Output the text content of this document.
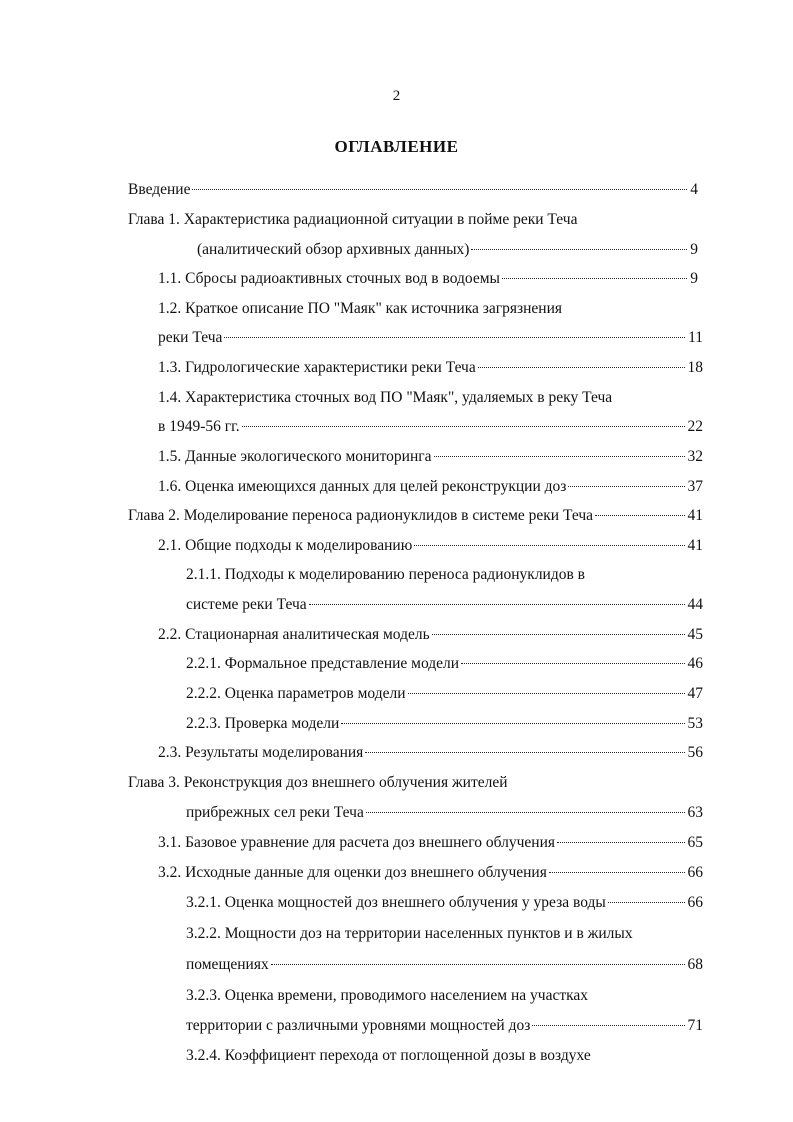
2
ОГЛАВЛЕНИЕ
Введение	4
Глава 1. Характеристика радиационной ситуации в пойме реки Теча
(аналитический обзор архивных данных)	9
1.1. Сбросы радиоактивных сточных вод в водоемы	9
1.2. Краткое описание ПО "Маяк" как источника загрязнения
реки Теча	11
1.3. Гидрологические характеристики реки Теча	18
1.4. Характеристика сточных вод ПО "Маяк", удаляемых в реку Теча
в 1949-56 гг.	22
1.5. Данные экологического мониторинга	32
1.6. Оценка имеющихся данных для целей реконструкции доз	37
Глава 2. Моделирование переноса радионуклидов в системе реки Теча	41
2.1. Общие подходы к моделированию	41
2.1.1. Подходы к моделированию переноса радионуклидов в
системе реки Теча	44
2.2. Стационарная аналитическая модель	45
2.2.1. Формальное представление модели	46
2.2.2. Оценка параметров модели	47
2.2.3. Проверка модели	53
2.3. Результаты моделирования	56
Глава 3. Реконструкция доз внешнего облучения жителей
прибрежных сел реки Теча	63
3.1. Базовое уравнение для расчета доз внешнего облучения	65
3.2. Исходные данные для оценки доз внешнего облучения	66
3.2.1. Оценка мощностей доз внешнего облучения у уреза воды	66
3.2.2. Мощности доз на территории населенных пунктов и в жилых
помещениях	68
3.2.3. Оценка времени, проводимого населением на участках
территории с различными уровнями мощностей доз	71
3.2.4. Коэффициент перехода от поглощенной дозы в воздухе
